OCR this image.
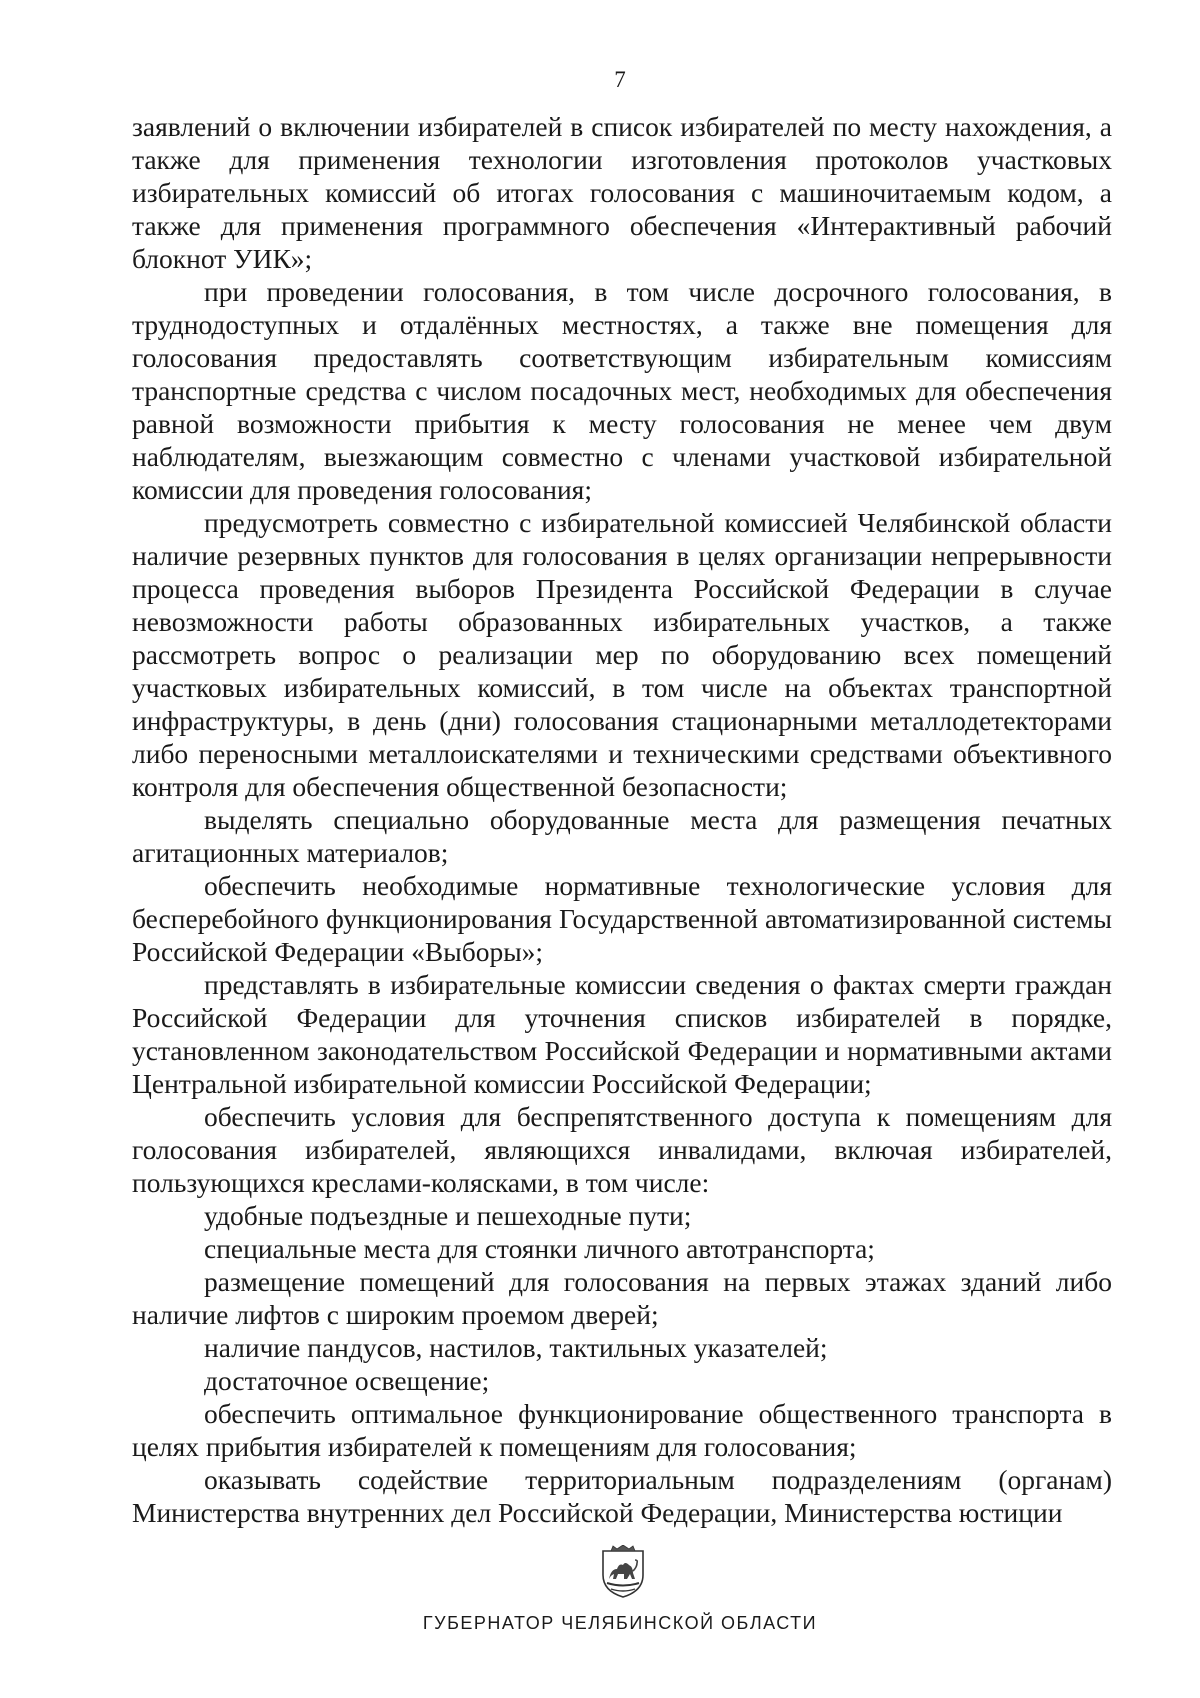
7

заявлений о включении избирателей в список избирателей по месту нахождения, а также для применения технологии изготовления протоколов участковых избирательных комиссий об итогах голосования с машиночитаемым кодом, а также для применения программного обеспечения «Интерактивный рабочий блокнот УИК»;

при проведении голосования, в том числе досрочного голосования, в труднодоступных и отдалённых местностях, а также вне помещения для голосования предоставлять соответствующим избирательным комиссиям транспортные средства с числом посадочных мест, необходимых для обеспечения равной возможности прибытия к месту голосования не менее чем двум наблюдателям, выезжающим совместно с членами участковой избирательной комиссии для проведения голосования;

предусмотреть совместно с избирательной комиссией Челябинской области наличие резервных пунктов для голосования в целях организации непрерывности процесса проведения выборов Президента Российской Федерации в случае невозможности работы образованных избирательных участков, а также рассмотреть вопрос о реализации мер по оборудованию всех помещений участковых избирательных комиссий, в том числе на объектах транспортной инфраструктуры, в день (дни) голосования стационарными металлодетекторами либо переносными металлоискателями и техническими средствами объективного контроля для обеспечения общественной безопасности;

выделять специально оборудованные места для размещения печатных агитационных материалов;

обеспечить необходимые нормативные технологические условия для бесперебойного функционирования Государственной автоматизированной системы Российской Федерации «Выборы»;

представлять в избирательные комиссии сведения о фактах смерти граждан Российской Федерации для уточнения списков избирателей в порядке, установленном законодательством Российской Федерации и нормативными актами Центральной избирательной комиссии Российской Федерации;

обеспечить условия для беспрепятственного доступа к помещениям для голосования избирателей, являющихся инвалидами, включая избирателей, пользующихся креслами-колясками, в том числе:

удобные подъездные и пешеходные пути;

специальные места для стоянки личного автотранспорта;

размещение помещений для голосования на первых этажах зданий либо наличие лифтов с широким проемом дверей;

наличие пандусов, настилов, тактильных указателей;

достаточное освещение;

обеспечить оптимальное функционирование общественного транспорта в целях прибытия избирателей к помещениям для голосования;

оказывать содействие территориальным подразделениям (органам) Министерства внутренних дел Российской Федерации, Министерства юстиции

ГУБЕРНАТОР ЧЕЛЯБИНСКОЙ ОБЛАСТИ
